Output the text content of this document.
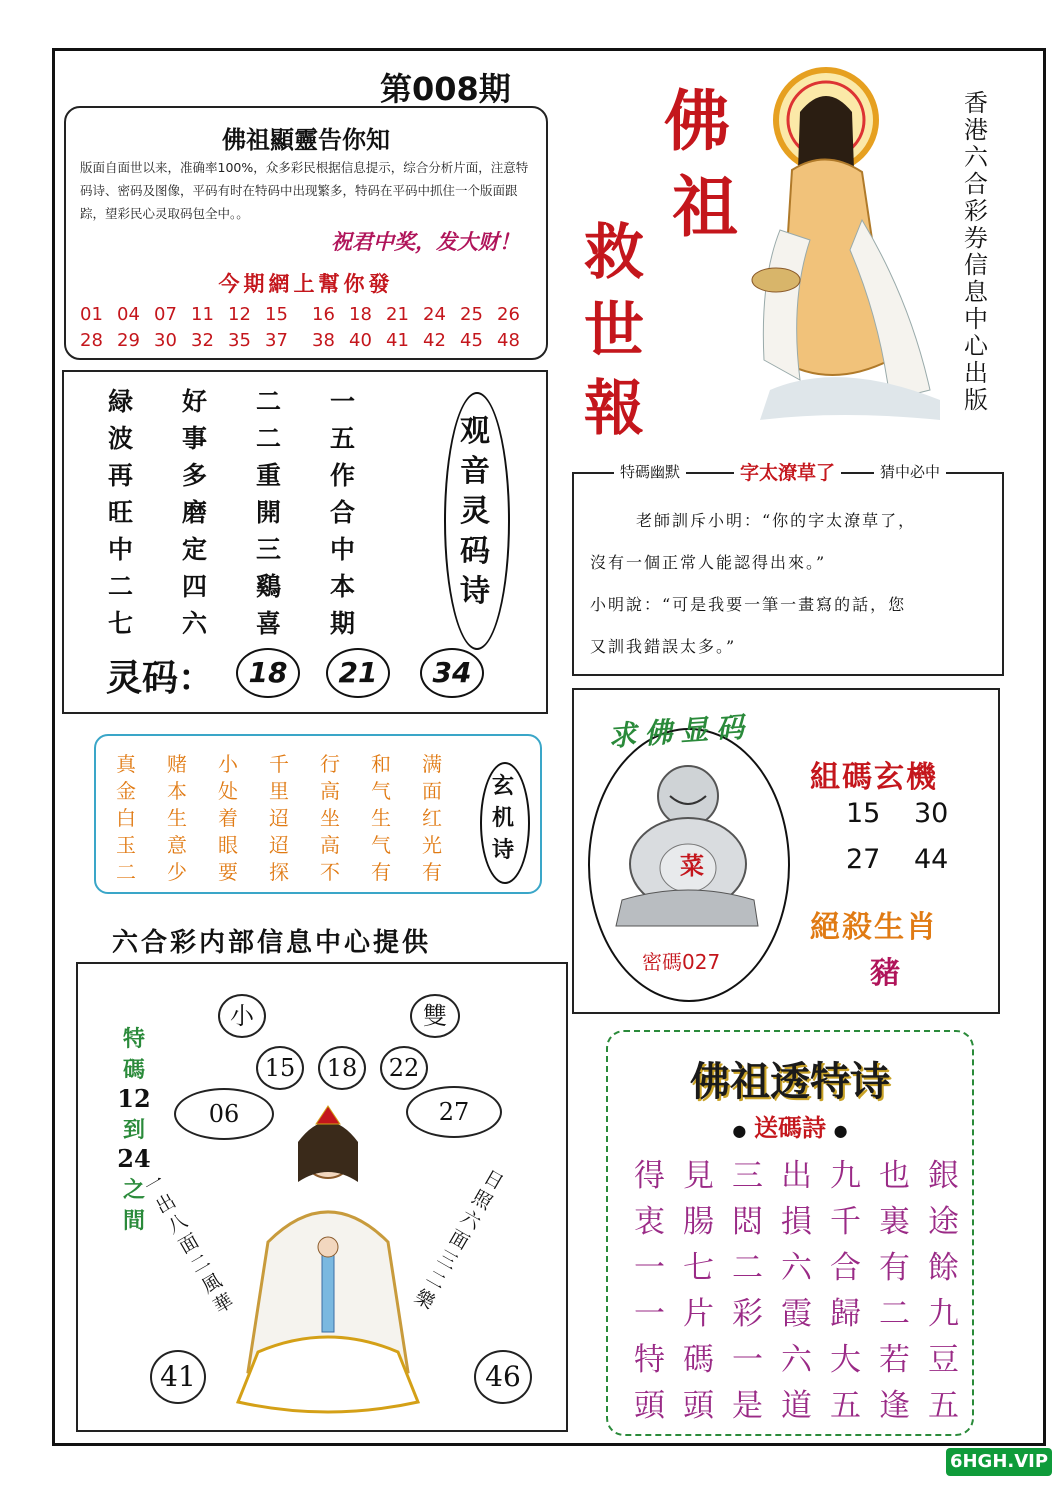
第008期
佛祖顯靈告你知
版面自面世以来，准确率100%，众多彩民根据信息提示，综合分析片面，注意特码诗、密码及图像，平码有时在特码中出现繁多，特码在平码中抓住一个版面跟踪，望彩民心灵取码包全中。。
祝君中奖，发大财！
今期網上幫你發
01 04 07 11 12 15 16 18 21 24 25 26
28 29 30 32 35 37 38 40 41 42 45 48
緑 好 二 一
波 事 二 五
再 多 重 作
旺 磨 開 合
中 定 三 中
二 四 鷄 本
七 六 喜 期
观音灵码诗
灵码：	18	21	34
真 赌 小 千 行 和 满
金 本 处 里 高 气 面
白 生 着 迢 坐 生 红
玉 意 眼 迢 高 气 光
二 少 要 探 不 有 有
玄机诗
六合彩内部信息中心提供
小	雙
15	18	22
06	27
特
碼
12
到
24
之
間
一出八面二風華
日照六面三二樂
41	46
佛
祖
救
世
報
香港六合彩券信息中心出版
特碼幽默	字太潦草了	猜中必中
老師訓斥小明：“你的字太潦草了，
沒有一個正常人能認得出來。”
小明說：“可是我要一筆一畫寫的話，您
又訓我錯誤太多。”
求佛显码
菜
密碼027
組碼玄機
15 30
27 44
絕殺生肖
豬
佛祖透特诗
● 送碼詩 ●
得 見 三 出 九 也 銀
衷 腸 悶 損 千 裏 途
一 七 二 六 合 有 餘
一 片 彩 霞 歸 二 九
特 碼 一 六 大 若 豆
頭 頭 是 道 五 逢 五
6HGH.VIP
